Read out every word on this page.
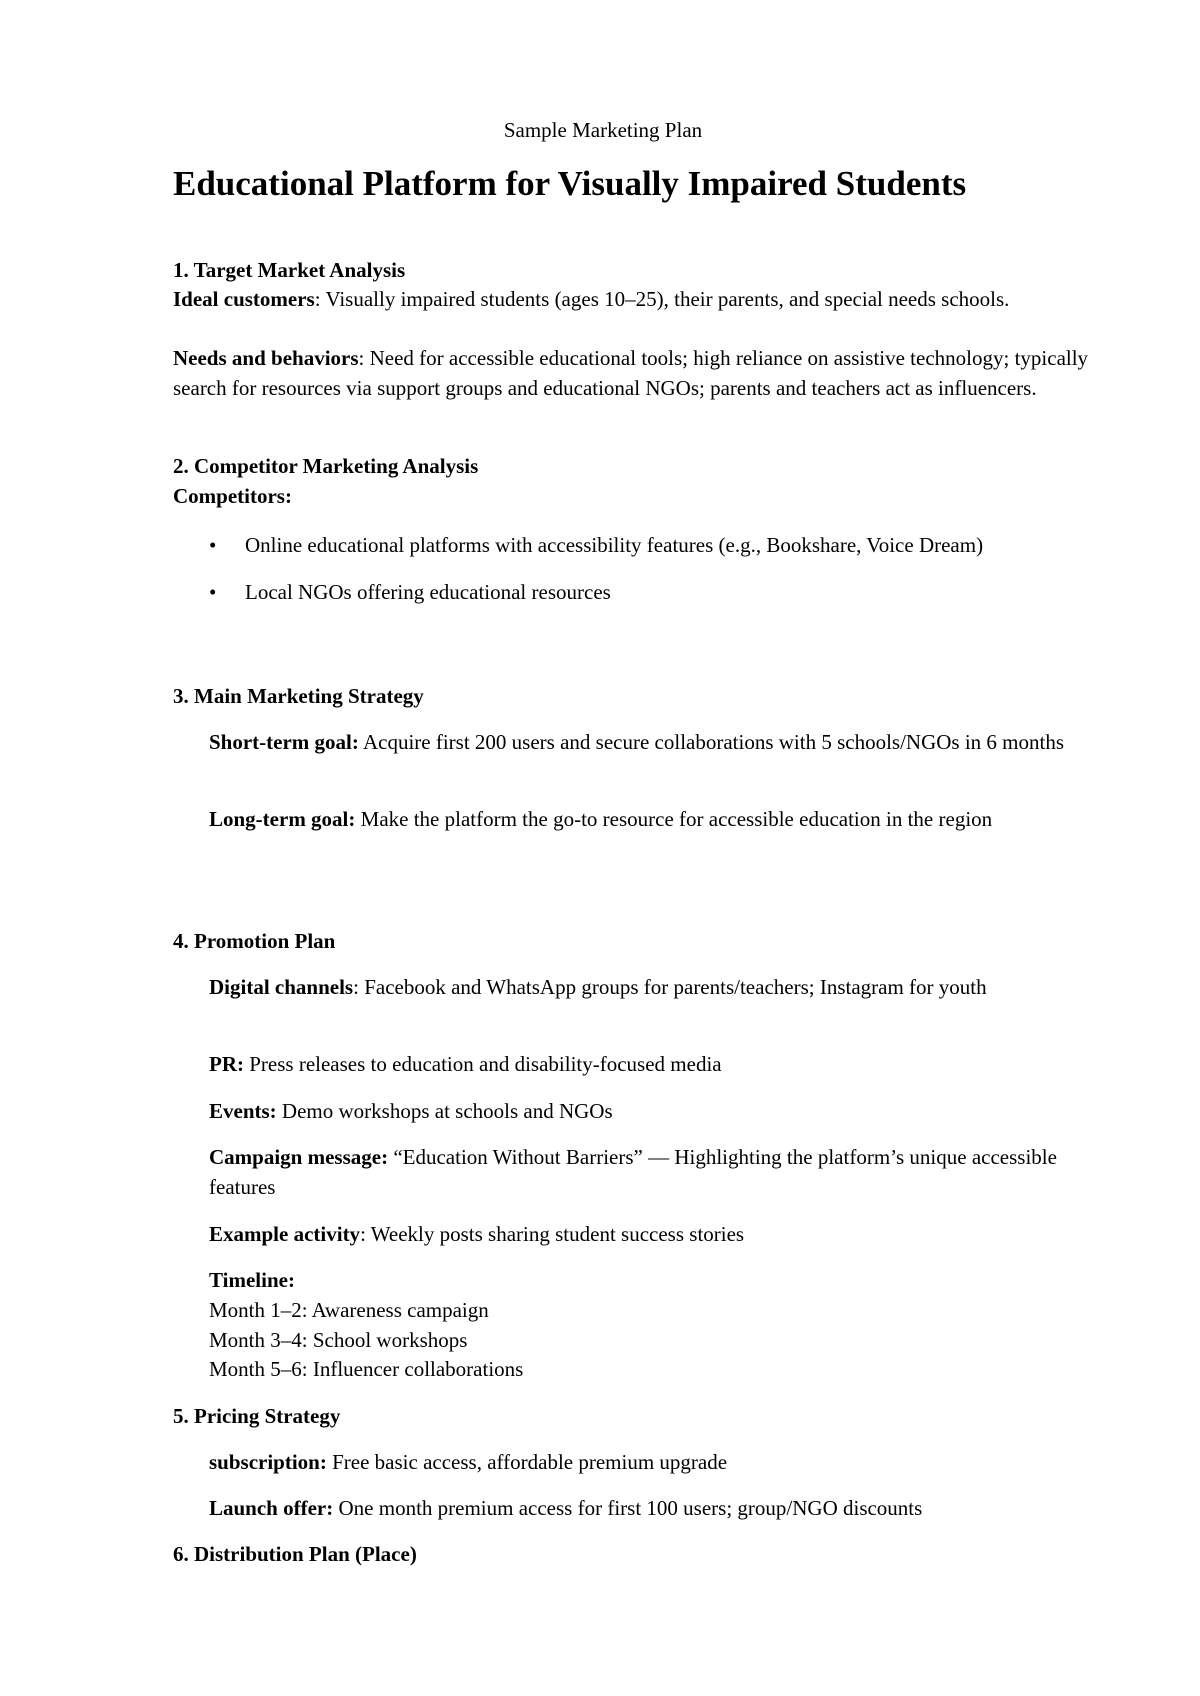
Sample Marketing Plan
Educational Platform for Visually Impaired Students
1. Target Market Analysis
Ideal customers: Visually impaired students (ages 10–25), their parents, and special needs schools.
Needs and behaviors: Need for accessible educational tools; high reliance on assistive technology; typically search for resources via support groups and educational NGOs; parents and teachers act as influencers.
2. Competitor Marketing Analysis
Competitors:
• Online educational platforms with accessibility features (e.g., Bookshare, Voice Dream)
• Local NGOs offering educational resources
3. Main Marketing Strategy
Short-term goal: Acquire first 200 users and secure collaborations with 5 schools/NGOs in 6 months
Long-term goal: Make the platform the go-to resource for accessible education in the region
4. Promotion Plan
Digital channels: Facebook and WhatsApp groups for parents/teachers; Instagram for youth
PR: Press releases to education and disability-focused media
Events: Demo workshops at schools and NGOs
Campaign message: “Education Without Barriers” — Highlighting the platform’s unique accessible features
Example activity: Weekly posts sharing student success stories
Timeline:
Month 1–2: Awareness campaign
Month 3–4: School workshops
Month 5–6: Influencer collaborations
5. Pricing Strategy
subscription: Free basic access, affordable premium upgrade
Launch offer: One month premium access for first 100 users; group/NGO discounts
6. Distribution Plan (Place)
